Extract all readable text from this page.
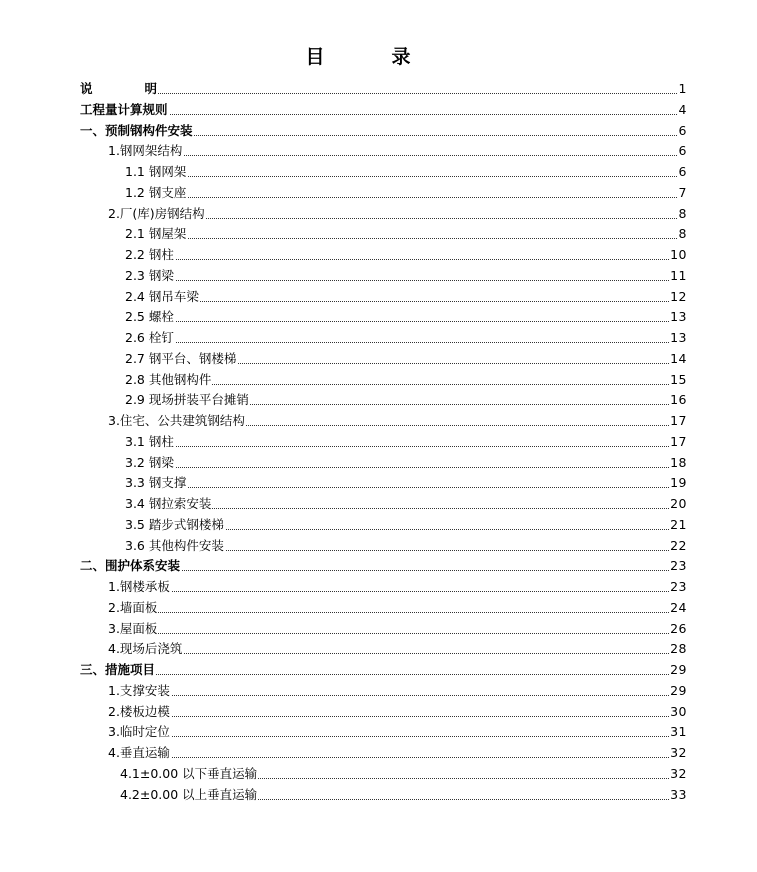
目　录
说	明	1
工程量计算规则	4
一、预制钢构件安装	6
1.钢网架结构	6
1.1 钢网架	6
1.2 钢支座	7
2.厂(库)房钢结构	8
2.1 钢屋架	8
2.2 钢柱	10
2.3 钢梁	11
2.4 钢吊车梁	12
2.5 螺栓	13
2.6 栓钉	13
2.7 钢平台、钢楼梯	14
2.8 其他钢构件	15
2.9 现场拼装平台摊销	16
3.住宅、公共建筑钢结构	17
3.1 钢柱	17
3.2 钢梁	18
3.3 钢支撑	19
3.4 钢拉索安装	20
3.5 踏步式钢楼梯	21
3.6 其他构件安装	22
二、围护体系安装	23
1.钢楼承板	23
2.墙面板	24
3.屋面板	26
4.现场后浇筑	28
三、措施项目	29
1.支撑安装	29
2.楼板边模	30
3.临时定位	31
4.垂直运输	32
4.1±0.00 以下垂直运输	32
4.2±0.00 以上垂直运输	33
